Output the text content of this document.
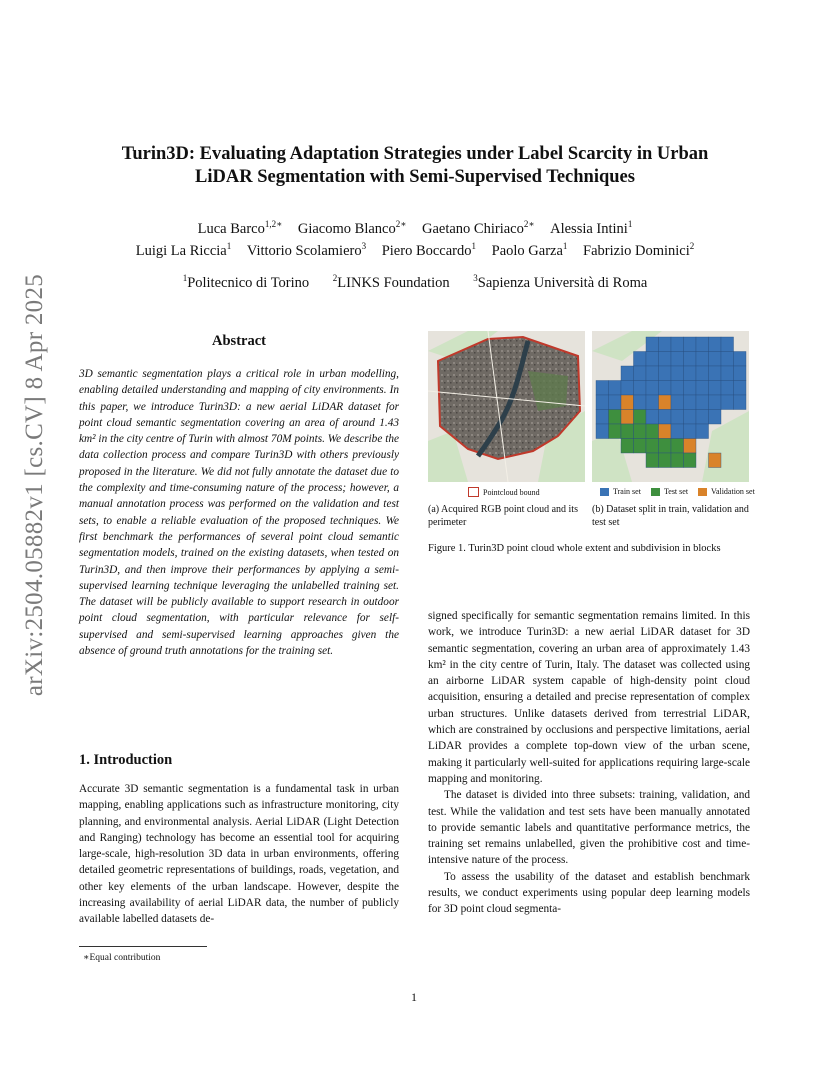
arXiv:2504.05882v1 [cs.CV] 8 Apr 2025
Turin3D: Evaluating Adaptation Strategies under Label Scarcity in Urban
LiDAR Segmentation with Semi-Supervised Techniques
Luca Barco$^{1,2∗}$ Giacomo Blanco$^{2∗}$ Gaetano Chiriaco$^{2∗}$ Alessia Intini$^1$
Luigi La Riccia$^1$ Vittorio Scolamiero$^3$ Piero Boccardo$^1$ Paolo Garza$^1$ Fabrizio Dominici$^2$
$^1$Politecnico di Torino	$^2$LINKS Foundation	$^3$Sapienza Università di Roma
Abstract

3D semantic segmentation plays a critical role in urban modelling, enabling detailed understanding and mapping of city environments. In this paper, we introduce Turin3D: a new aerial LiDAR dataset for point cloud semantic segmentation covering an area of around 1.43 km² in the city centre of Turin with almost 70M points. We describe the data collection process and compare Turin3D with others previously proposed in the literature. We did not fully annotate the dataset due to the complexity and time-consuming nature of the process; however, a manual annotation process was performed on the validation and test sets, to enable a reliable evaluation of the proposed techniques. We first benchmark the performances of several point cloud semantic segmentation models, trained on the existing datasets, when tested on Turin3D, and then improve their performances by applying a semi-supervised learning technique leveraging the unlabelled training set. The dataset will be publicly available to support research in outdoor point cloud segmentation, with particular relevance for self-supervised and semi-supervised learning approaches given the absence of ground truth annotations for the training set.

1. Introduction

Accurate 3D semantic segmentation is a fundamental task in urban mapping, enabling applications such as infrastructure monitoring, city planning, and environmental analysis. Aerial LiDAR (Light Detection and Ranging) technology has become an essential tool for acquiring large-scale, high-resolution 3D data in urban environments, offering detailed geometric representations of buildings, roads, vegetation, and other key elements of the urban landscape. However, despite the increasing availability of aerial LiDAR data, the number of publicly available labelled datasets de-

∗Equal contribution
Pointcloud bound
(a) Acquired RGB point cloud and its perimeter
Train set	Test set	Validation set
(b) Dataset split in train, validation and test set
Figure 1. Turin3D point cloud whole extent and subdivision in blocks

signed specifically for semantic segmentation remains limited. In this work, we introduce Turin3D: a new aerial LiDAR dataset for 3D semantic segmentation, covering an urban area of approximately 1.43 km² in the city centre of Turin, Italy. The dataset was collected using an airborne LiDAR system capable of high-density point cloud acquisition, ensuring a detailed and precise representation of complex urban structures. Unlike datasets derived from terrestrial LiDAR, which are constrained by occlusions and perspective limitations, aerial LiDAR provides a complete top-down view of the urban scene, making it particularly well-suited for applications requiring large-scale mapping and monitoring.

The dataset is divided into three subsets: training, validation, and test. While the validation and test sets have been manually annotated to provide semantic labels and quantitative performance metrics, the training set remains unlabelled, given the prohibitive cost and time-intensive nature of the process.

To assess the usability of the dataset and establish benchmark results, we conduct experiments using popular deep learning models for 3D point cloud segmenta-

1
